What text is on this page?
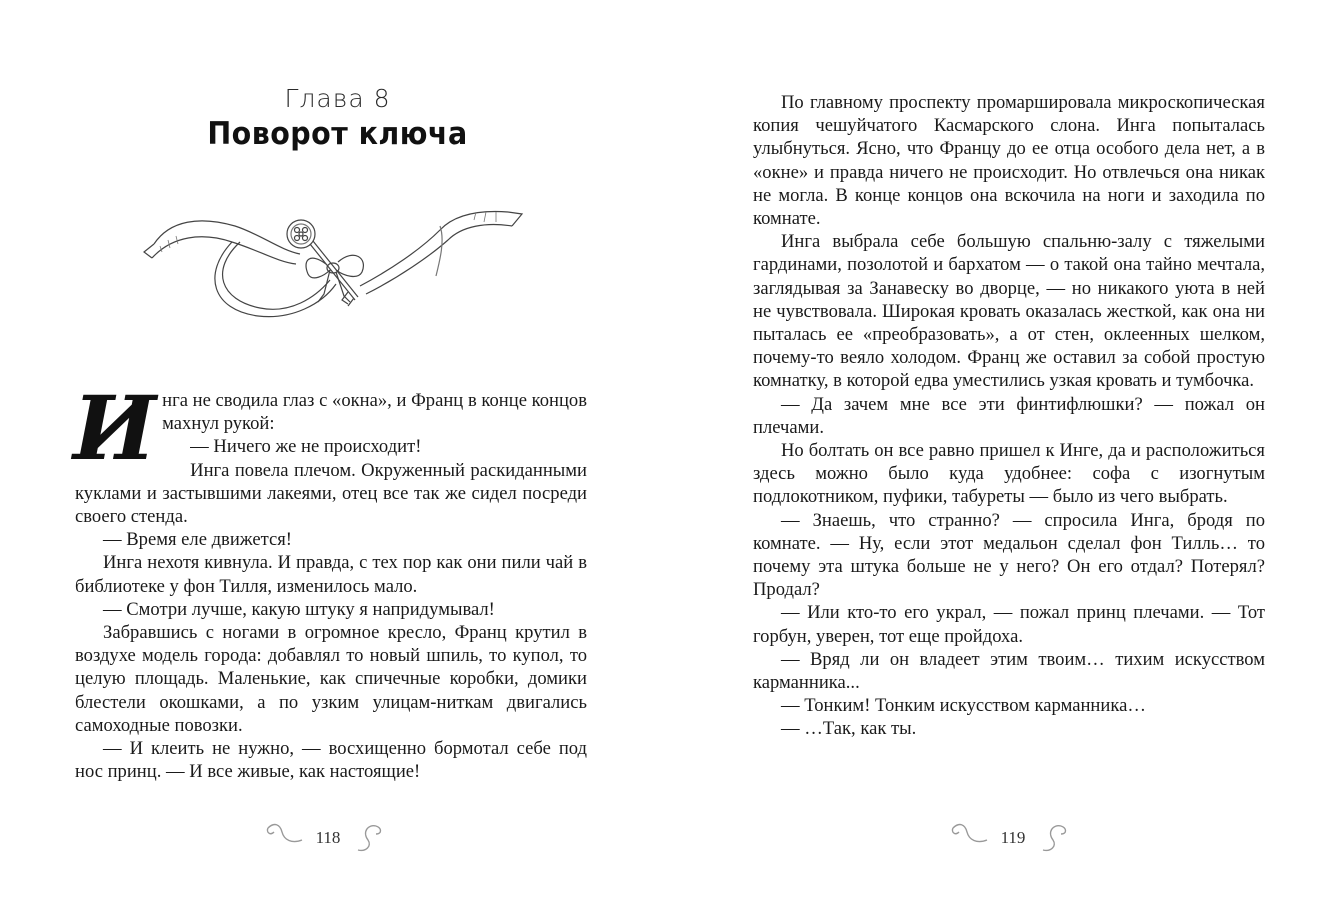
Глава 8
Поворот ключа

Инга не сводила глаз с «окна», и Франц в конце концов махнул рукой:

— Ничего же не происходит!

Инга повела плечом. Окруженный раскиданными куклами и застывшими лакеями, отец все так же сидел посреди своего стенда.

— Время еле движется!

Инга нехотя кивнула. И правда, с тех пор как они пили чай в библиотеке у фон Тилля, изменилось мало.

— Смотри лучше, какую штуку я напридумывал!

Забравшись с ногами в огромное кресло, Франц крутил в воздухе модель города: добавлял то новый шпиль, то купол, то целую площадь. Маленькие, как спичечные коробки, домики блестели окошками, а по узким улицам-ниткам двигались самоходные повозки.

— И клеить не нужно, — восхищенно бормотал себе под нос принц. — И все живые, как настоящие!

118

По главному проспекту промаршировала микроскопическая копия чешуйчатого Касмарского слона. Инга попыталась улыбнуться. Ясно, что Францу до ее отца особого дела нет, а в «окне» и правда ничего не происходит. Но отвлечься она никак не могла. В конце концов она вскочила на ноги и заходила по комнате.

Инга выбрала себе большую спальню-залу с тяжелыми гардинами, позолотой и бархатом — о такой она тайно мечтала, заглядывая за Занавеску во дворце, — но никакого уюта в ней не чувствовала. Широкая кровать оказалась жесткой, как она ни пыталась ее «преобразовать», а от стен, оклеенных шелком, почему-то веяло холодом. Франц же оставил за собой простую комнатку, в которой едва уместились узкая кровать и тумбочка.

— Да зачем мне все эти финтифлюшки? — пожал он плечами.

Но болтать он все равно пришел к Инге, да и расположиться здесь можно было куда удобнее: софа с изогнутым подлокотником, пуфики, табуреты — было из чего выбрать.

— Знаешь, что странно? — спросила Инга, бродя по комнате. — Ну, если этот медальон сделал фон Тилль… то почему эта штука больше не у него? Он его отдал? Потерял? Продал?

— Или кто-то его украл, — пожал принц плечами. — Тот горбун, уверен, тот еще пройдоха.

— Вряд ли он владеет этим твоим… тихим искусством карманника...

— Тонким! Тонким искусством карманника…

— …Так, как ты.

119
